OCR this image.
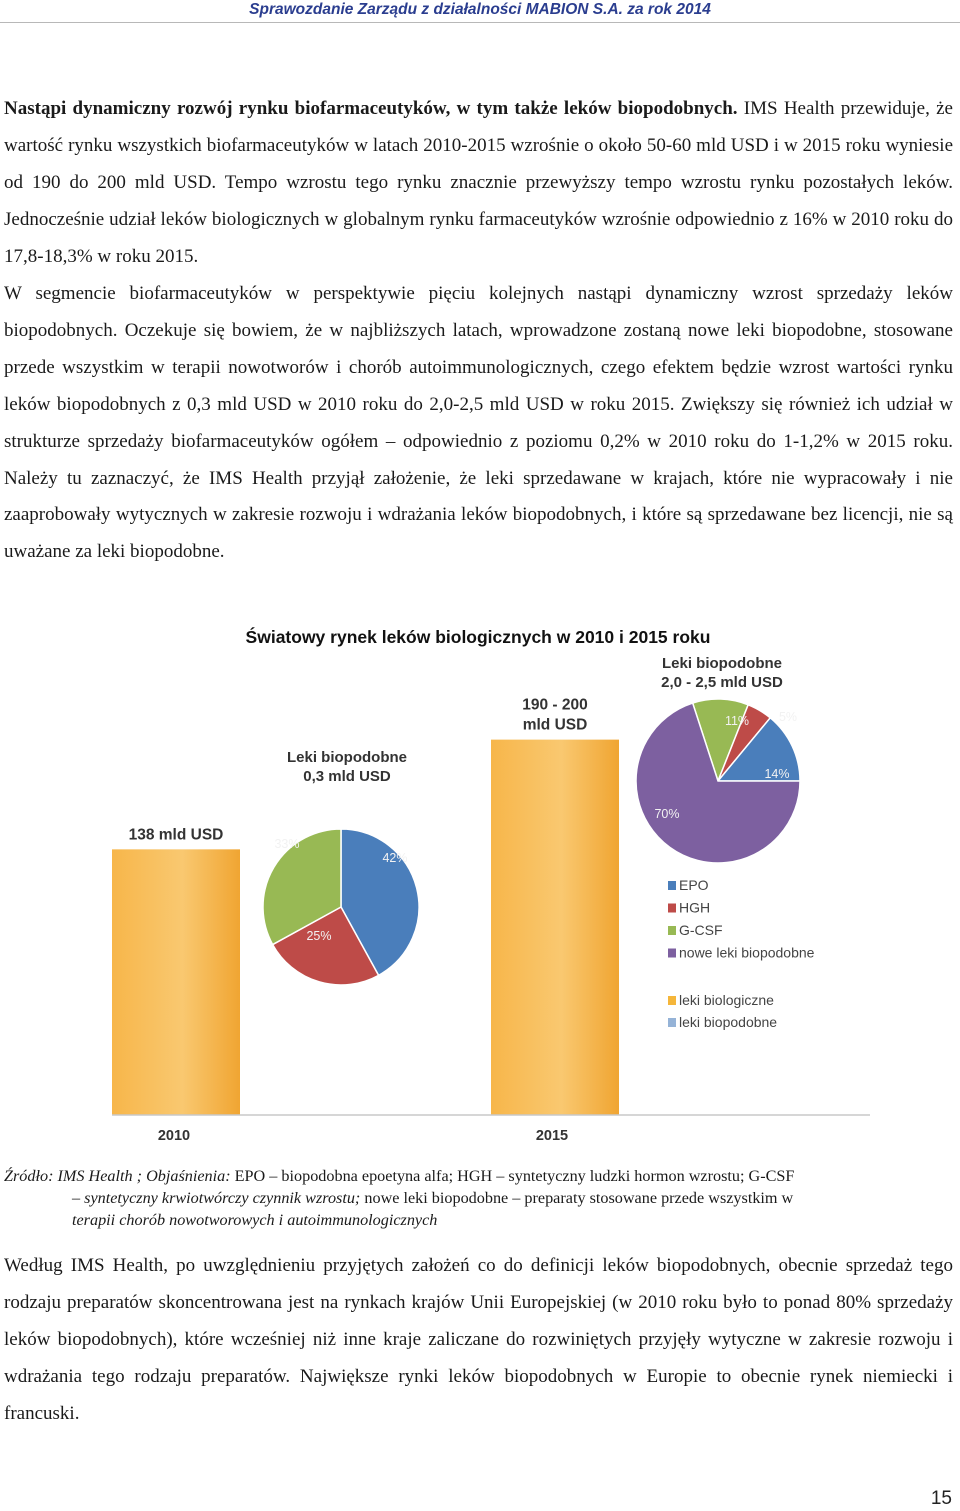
Sprawozdanie Zarządu z działalności MABION S.A. za rok 2014

Nastąpi dynamiczny rozwój rynku biofarmaceutyków, w tym także leków biopodobnych. IMS Health przewiduje, że wartość rynku wszystkich biofarmaceutyków w latach 2010-2015 wzrośnie o około 50-60 mld USD i w 2015 roku wyniesie od 190 do 200 mld USD. Tempo wzrostu tego rynku znacznie przewyższy tempo wzrostu rynku pozostałych leków. Jednocześnie udział leków biologicznych w globalnym rynku farmaceutyków wzrośnie odpowiednio z 16% w 2010 roku do 17,8-18,3% w roku 2015.

W segmencie biofarmaceutyków w perspektywie pięciu kolejnych nastąpi dynamiczny wzrost sprzedaży leków biopodobnych. Oczekuje się bowiem, że w najbliższych latach, wprowadzone zostaną nowe leki biopodobne, stosowane przede wszystkim w terapii nowotworów i chorób autoimmunologicznych, czego efektem będzie wzrost wartości rynku leków biopodobnych z 0,3 mld USD w 2010 roku do 2,0-2,5 mld USD w roku 2015. Zwiększy się również ich udział w strukturze sprzedaży biofarmaceutyków ogółem – odpowiednio z poziomu 0,2% w 2010 roku do 1-1,2% w 2015 roku. Należy tu zaznaczyć, że IMS Health przyjął założenie, że leki sprzedawane w krajach, które nie wypracowały i nie zaaprobowały wytycznych w zakresie rozwoju i wdrażania leków biopodobnych, i które są sprzedawane bez licencji, nie są uważane za leki biopodobne.

Światowy rynek leków biologicznych w 2010 i 2015 roku
138 mld USD
190 - 200
mld USD
42%
25%
33%
Leki biopodobne
0,3 mld USD
11% 5%
14%
70%
Leki biopodobne
2,0 - 2,5 mld USD
EPO
HGH
G-CSF
nowe leki biopodobne
leki biologiczne
leki biopodobne
2010	2015
Źródło: IMS Health ; Objaśnienia: EPO – biopodobna epoetyna alfa; HGH – syntetyczny ludzki hormon wzrostu; G-CSF
– syntetyczny krwiotwórczy czynnik wzrostu; nowe leki biopodobne – preparaty stosowane przede wszystkim w
terapii chorób nowotworowych i autoimmunologicznych

Według IMS Health, po uwzględnieniu przyjętych założeń co do definicji leków biopodobnych, obecnie sprzedaż tego rodzaju preparatów skoncentrowana jest na rynkach krajów Unii Europejskiej (w 2010 roku było to ponad 80% sprzedaży leków biopodobnych), które wcześniej niż inne kraje zaliczane do rozwiniętych przyjęły wytyczne w zakresie rozwoju i wdrażania tego rodzaju preparatów. Największe rynki leków biopodobnych w Europie to obecnie rynek niemiecki i francuski.

15
